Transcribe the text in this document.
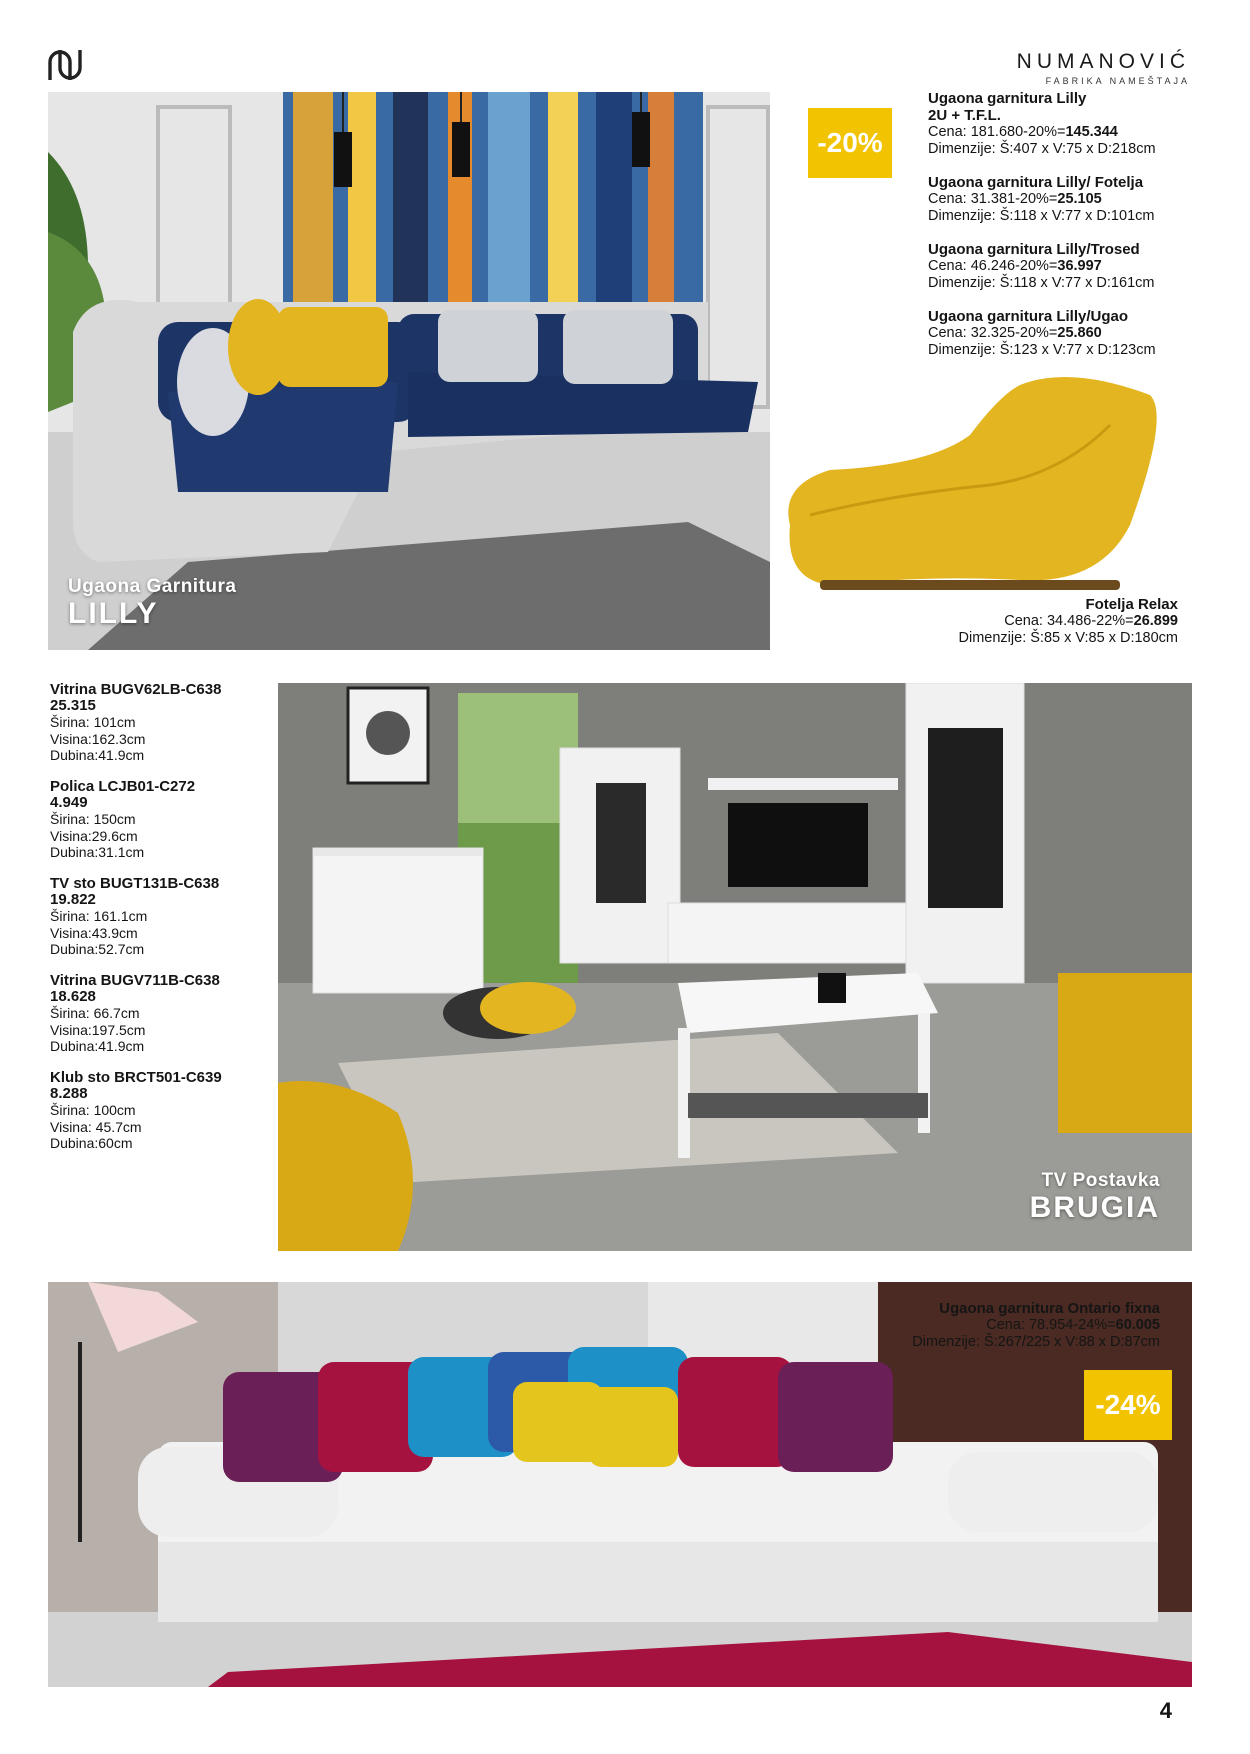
NUMANOVIĆ
FABRIKA NAMEŠTAJA
-20%
Ugaona garnitura Lilly
2U + T.F.L.
Cena: 181.680-20%=145.344
Dimenzije: Š:407 x V:75 x D:218cm
Ugaona garnitura Lilly/ Fotelja
Cena: 31.381-20%=25.105
Dimenzije: Š:118 x V:77 x D:101cm
Ugaona garnitura Lilly/Trosed
Cena: 46.246-20%=36.997
Dimenzije: Š:118 x V:77 x D:161cm
Ugaona garnitura Lilly/Ugao
Cena: 32.325-20%=25.860
Dimenzije: Š:123 x V:77 x D:123cm
Fotelja Relax
Cena: 34.486-22%=26.899
Dimenzije: Š:85 x V:85 x D:180cm
Ugaona Garnitura
LILLY
Vitrina BUGV62LB-C638
25.315
Širina: 101cm
Visina:162.3cm
Dubina:41.9cm
Polica LCJB01-C272
4.949
Širina: 150cm
Visina:29.6cm
Dubina:31.1cm
TV sto BUGT131B-C638
19.822
Širina: 161.1cm
Visina:43.9cm
Dubina:52.7cm
Vitrina BUGV711B-C638
18.628
Širina: 66.7cm
Visina:197.5cm
Dubina:41.9cm
Klub sto BRCT501-C639
8.288
Širina: 100cm
Visina: 45.7cm
Dubina:60cm
TV Postavka
BRUGIA
Ugaona garnitura Ontario fixna
Cena: 78.954-24%=60.005
Dimenzije: Š:267/225 x V:88 x D:87cm
-24%
4
